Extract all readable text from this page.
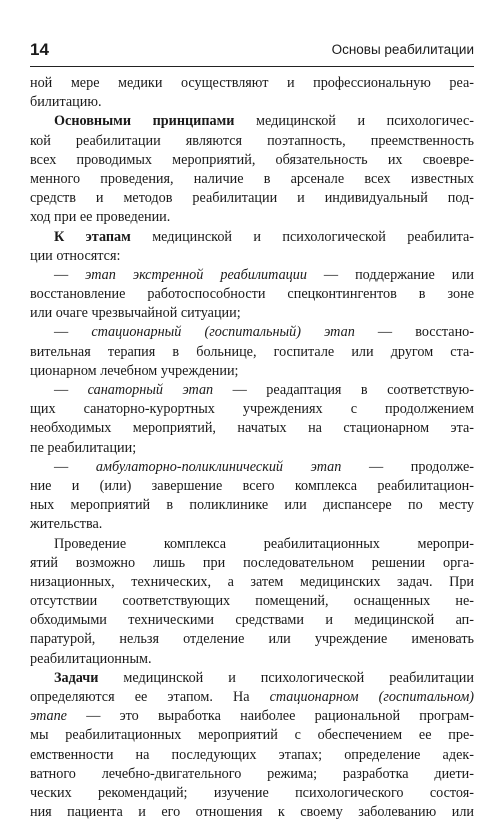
14	Основы реабилитации
ной мере медики осуществляют и профессиональную реа-
билитацию.
Основными принципами медицинской и психологичес-
кой реабилитации являются поэтапность, преемственность
всех проводимых мероприятий, обязательность их своевре-
менного проведения, наличие в арсенале всех известных
средств и методов реабилитации и индивидуальный под-
ход при ее проведении.
К этапам медицинской и психологической реабилита-
ции относятся:
— этап экстренной реабилитации — поддержание или
восстановление работоспособности спецконтингентов в зоне
или очаге чрезвычайной ситуации;
— стационарный (госпитальный) этап — восстано-
вительная терапия в больнице, госпитале или другом ста-
ционарном лечебном учреждении;
— санаторный этап — реадаптация в соответствую-
щих санаторно-курортных учреждениях с продолжением
необходимых мероприятий, начатых на стационарном эта-
пе реабилитации;
— амбулаторно-поликлинический этап — продолже-
ние и (или) завершение всего комплекса реабилитацион-
ных мероприятий в поликлинике или диспансере по месту
жительства.
Проведение комплекса реабилитационных меропри-
ятий возможно лишь при последовательном решении орга-
низационных, технических, а затем медицинских задач. При
отсутствии соответствующих помещений, оснащенных не-
обходимыми техническими средствами и медицинской ап-
паратурой, нельзя отделение или учреждение именовать
реабилитационным.
Задачи медицинской и психологической реабилитации
определяются ее этапом. На стационарном (госпитальном)
этапе — это выработка наиболее рациональной програм-
мы реабилитационных мероприятий с обеспечением ее пре-
емственности на последующих этапах; определение адек-
ватного лечебно-двигательного режима; разработка диети-
ческих рекомендаций; изучение психологического состоя-
ния пациента и его отношения к своему заболеванию или
